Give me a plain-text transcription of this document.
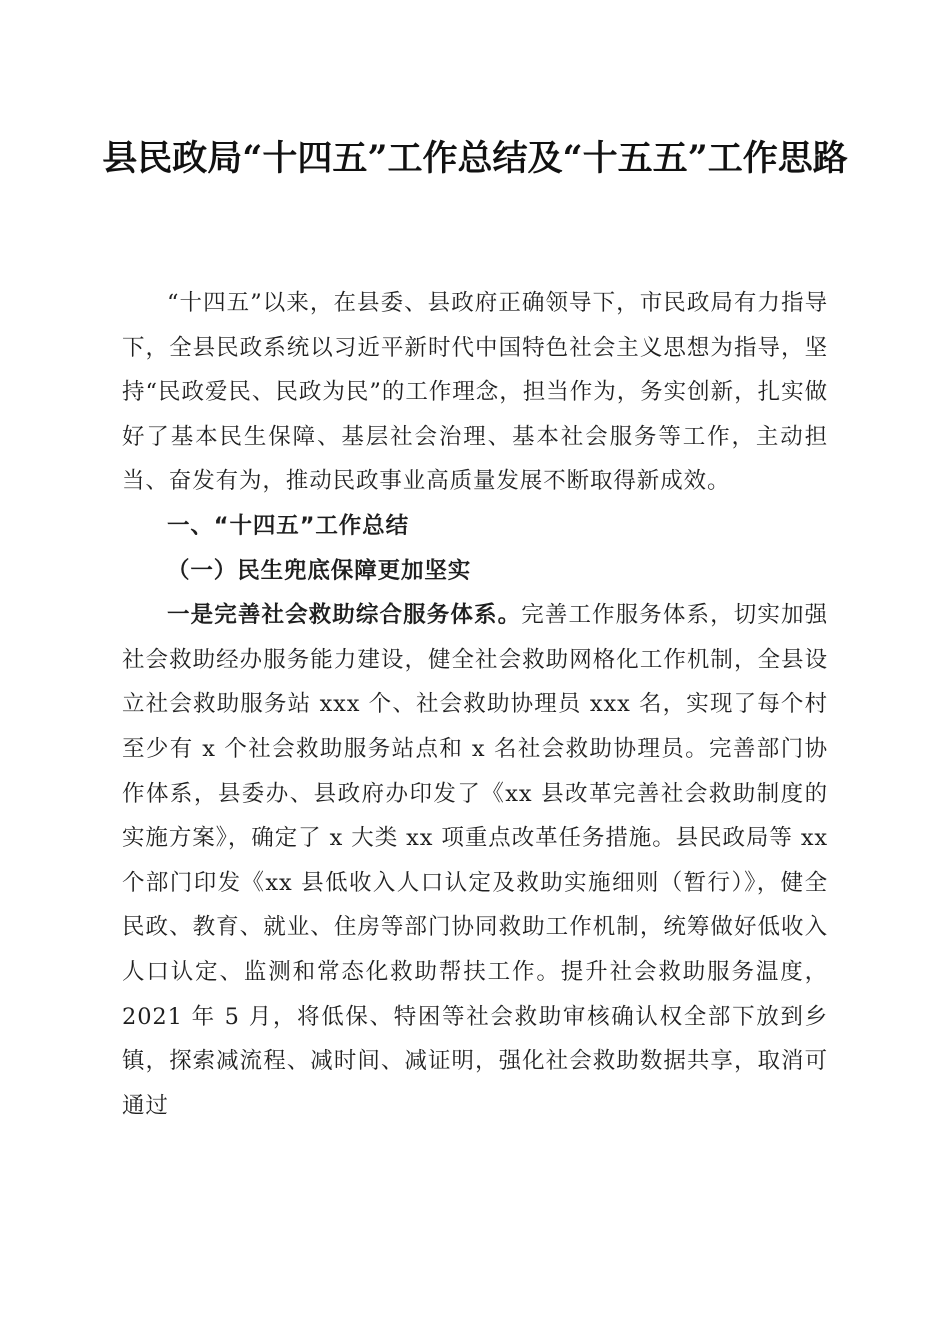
县民政局“十四五”工作总结及“十五五”工作思路

“十四五”以来，在县委、县政府正确领导下，市民政局有力指导下，全县民政系统以习近平新时代中国特色社会主义思想为指导，坚持“民政爱民、民政为民”的工作理念，担当作为，务实创新，扎实做好了基本民生保障、基层社会治理、基本社会服务等工作，主动担当、奋发有为，推动民政事业高质量发展不断取得新成效。

一、“十四五”工作总结

（一）民生兜底保障更加坚实

一是完善社会救助综合服务体系。完善工作服务体系，切实加强社会救助经办服务能力建设，健全社会救助网格化工作机制，全县设立社会救助服务站 xxx 个、社会救助协理员 xxx 名，实现了每个村至少有 x 个社会救助服务站点和 x 名社会救助协理员。完善部门协作体系，县委办、县政府办印发了《xx 县改革完善社会救助制度的实施方案》，确定了 x 大类 xx 项重点改革任务措施。县民政局等 xx 个部门印发《xx 县低收入人口认定及救助实施细则（暂行）》，健全民政、教育、就业、住房等部门协同救助工作机制，统筹做好低收入人口认定、监测和常态化救助帮扶工作。提升社会救助服务温度，2021 年 5 月，将低保、特困等社会救助审核确认权全部下放到乡镇，探索减流程、减时间、减证明，强化社会救助数据共享，取消可通过
